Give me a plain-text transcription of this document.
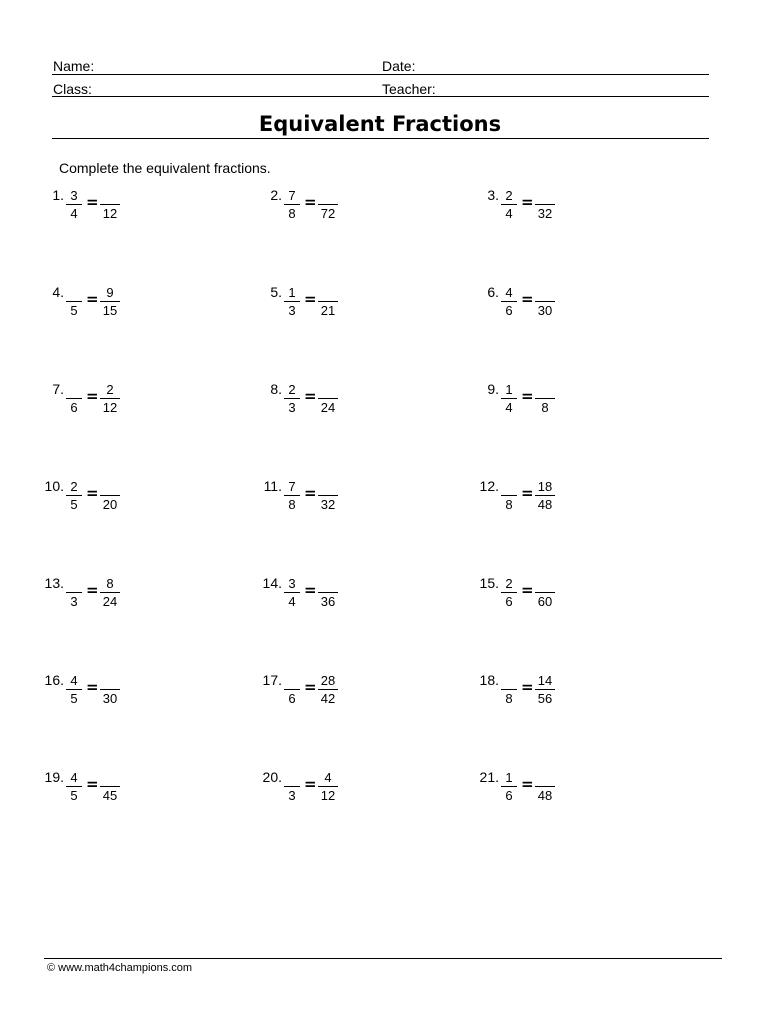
Name:	Date:
Class:	Teacher:
Equivalent Fractions
Complete the equivalent fractions.
1. 3
4
=
12
2. 7
8
=
72
3. 2
4
=
32
4.
5
= 9
15
5. 1
3
=
21
6. 4
6
=
30
7.
6
= 2
12
8. 2
3
=
24
9. 1
4
=
8
10. 2
5
=
20
11. 7
8
=
32
12.
8
= 18
48
13.
3
= 8
24
14. 3
4
=
36
15. 2
6
=
60
16. 4
5
=
30
17.
6
= 28
42
18.
8
= 14
56
19. 4
5
=
45
20.
3
= 4
12
21. 1
6
=
48
© www.math4champions.com
